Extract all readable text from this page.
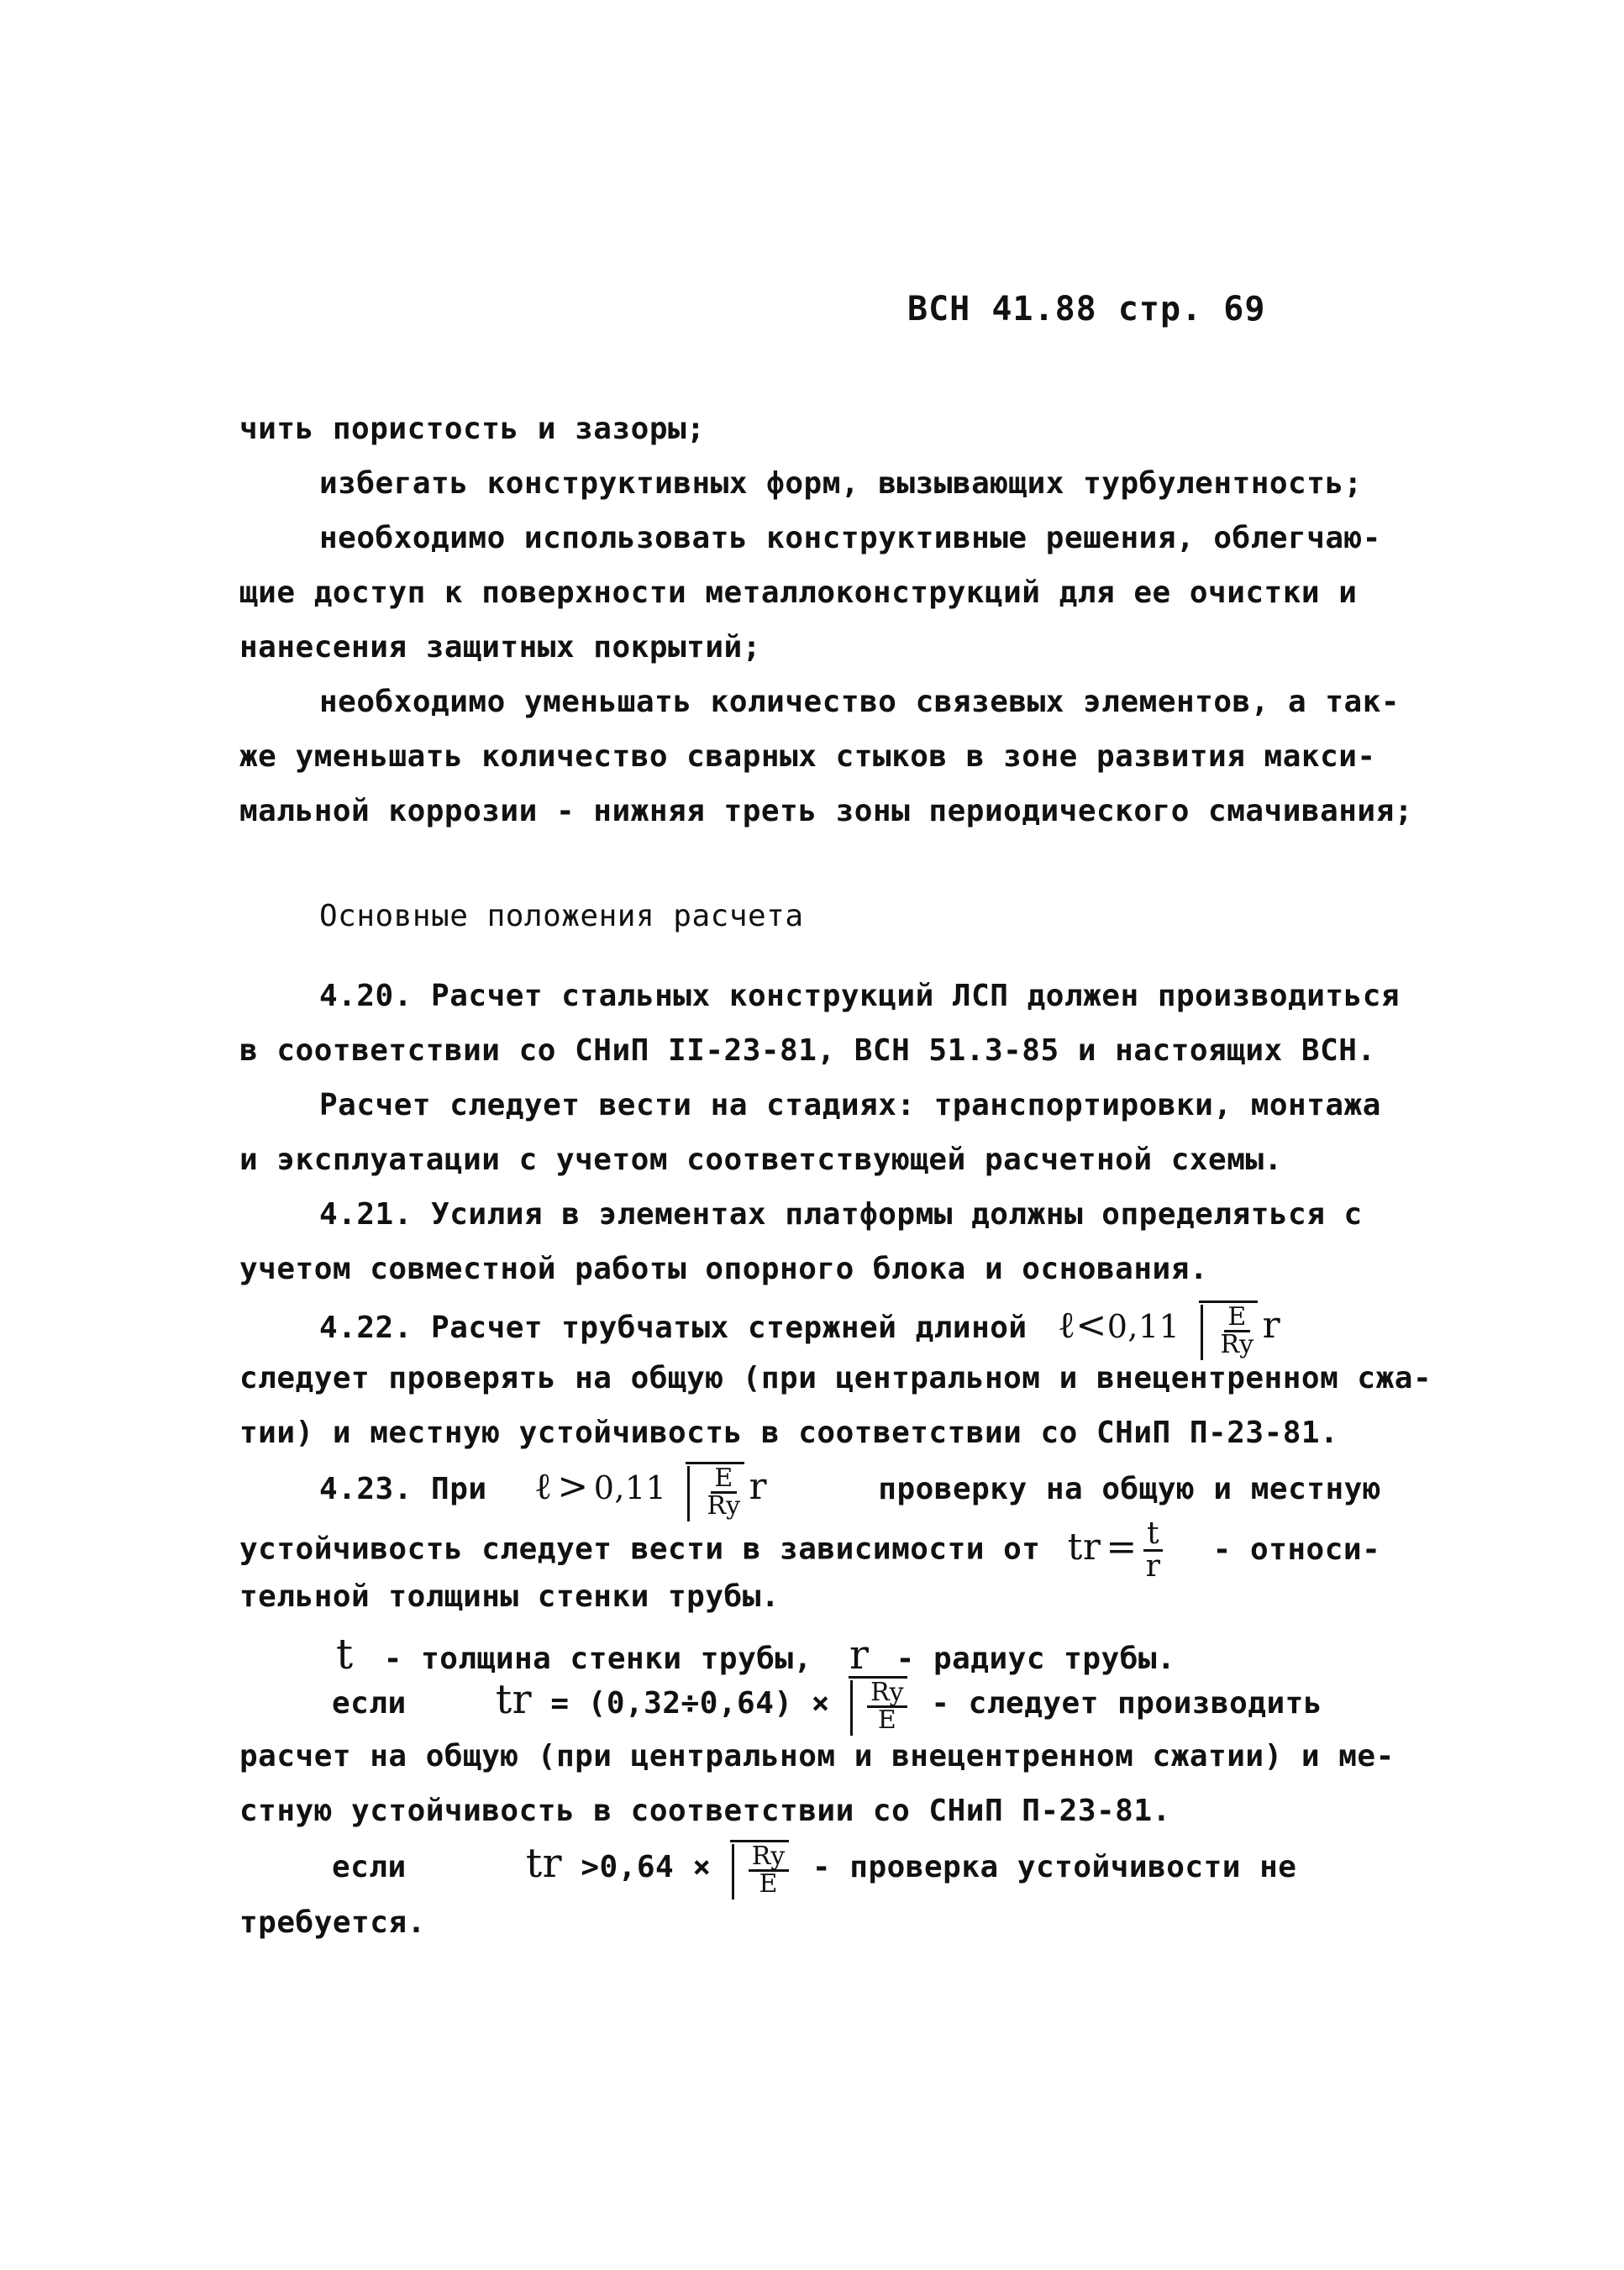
ВСН 41.88 стр. 69
чить пористость и зазоры;
избегать конструктивных форм, вызывающих турбулентность;
необходимо использовать конструктивные решения, облегчаю-
щие доступ к поверхности металлоконструкций для ее очистки и
нанесения защитных покрытий;
необходимо уменьшать количество связевых элементов, а так-
же уменьшать количество сварных стыков в зоне развития макси-
мальной коррозии - нижняя треть зоны периодического смачивания;
Основные положения расчета
4.20. Расчет стальных конструкций ЛСП должен производиться
в соответствии со СНиП II-23-81, ВСН 51.3-85 и настоящих ВСН.
Расчет следует вести на стадиях: транспортировки, монтажа
и эксплуатации с учетом соответствующей расчетной схемы.
4.21. Усилия в элементах платформы должны определяться с
учетом совместной работы опорного блока и основания.
4.22. Расчет трубчатых стержней длиной ℓ<0,11 $\frac{E}{Ry}$ r
следует проверять на общую (при центральном и внецентренном сжа-
тии) и местную устойчивость в соответствии со СНиП П-23-81.
4.23. При ℓ > $0,11 \frac{E}{Ry}$ r	проверку на общую и местную
устойчивость следует вести в зависимости от tr = $\frac{t}{r}$ - относи-
тельной толщины стенки трубы.
t - толщина стенки трубы, r - радиус трубы.
если tr = $(0,32\div 0,64) \times \frac{Ry}{E}$ - следует производить
расчет на общую (при центральном и внецентренном сжатии) и ме-
стную устойчивость в соответствии со СНиП П-23-81.
если	tr $>0,64 \times \frac{Ry}{E}$ - проверка устойчивости не
требуется.
